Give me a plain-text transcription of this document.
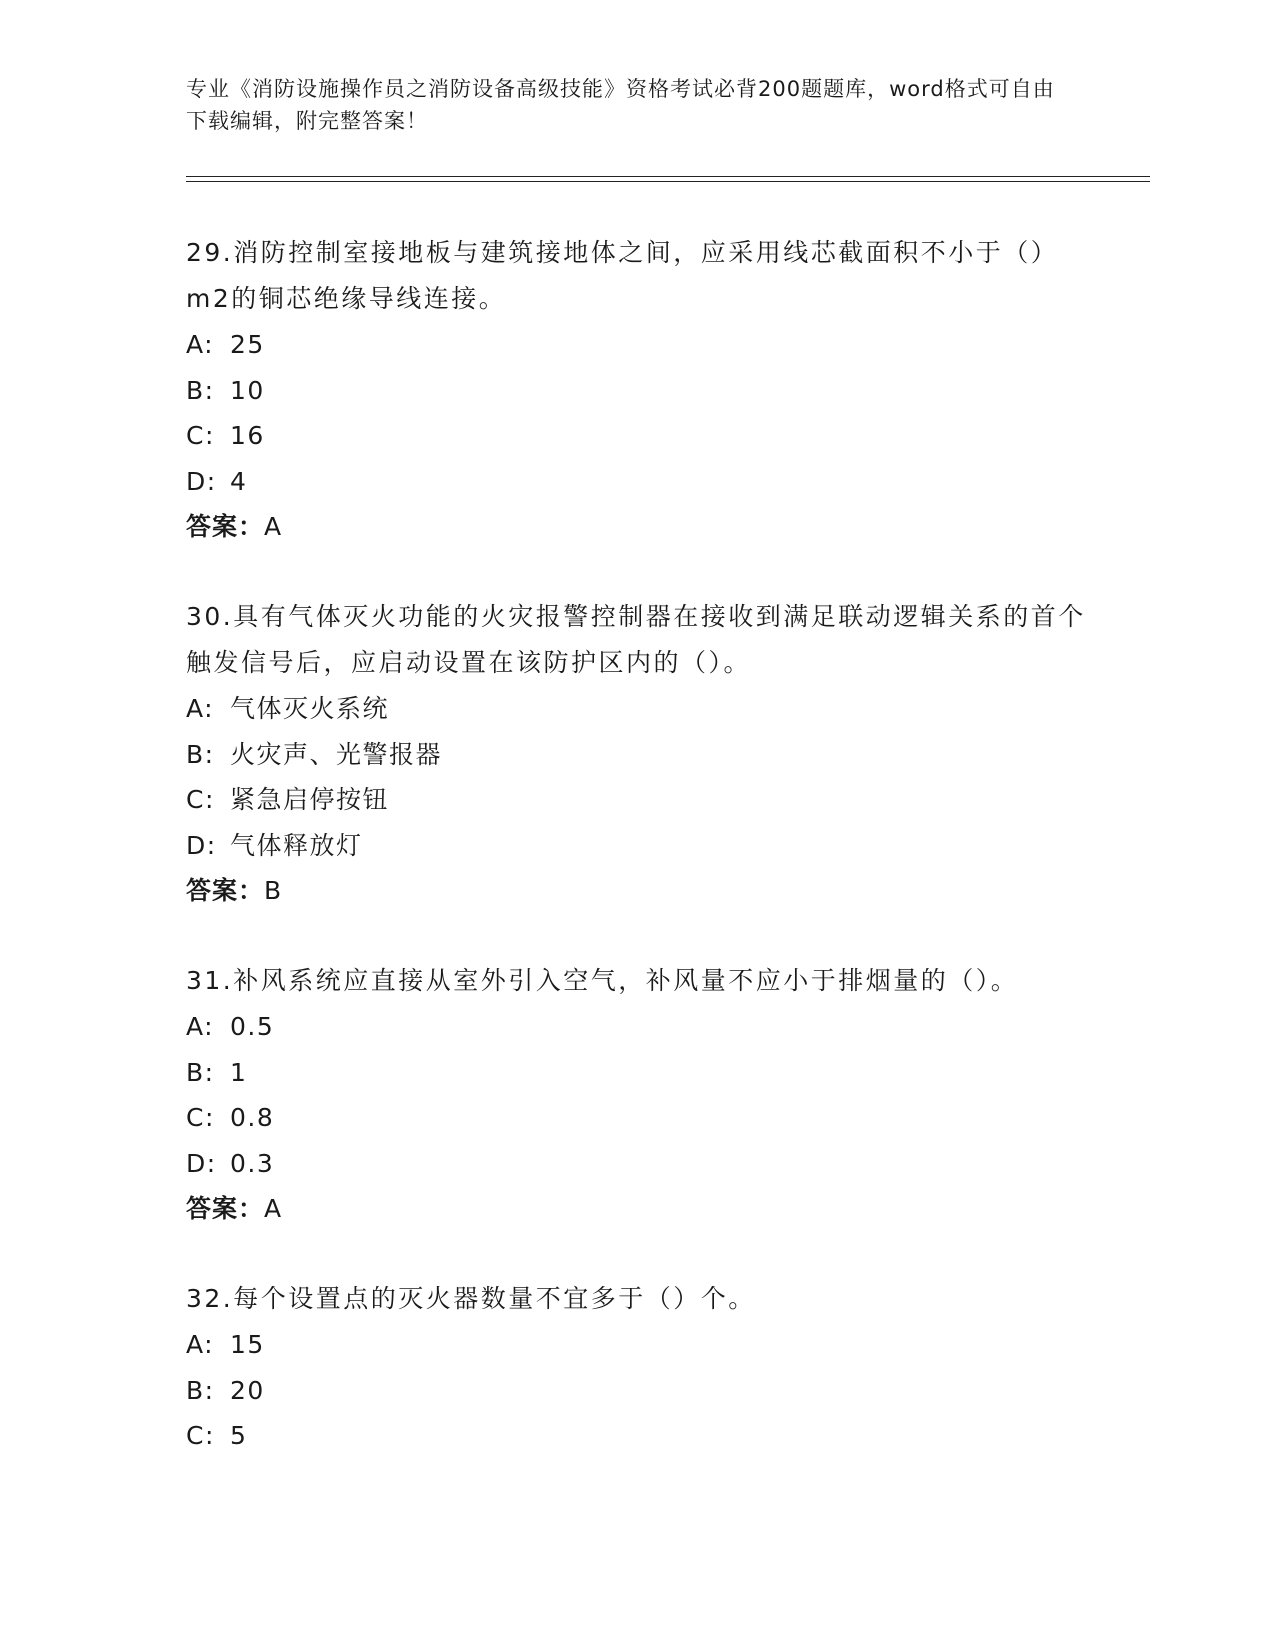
专业《消防设施操作员之消防设备高级技能》资格考试必背200题题库，word格式可自由下载编辑，附完整答案！

29.消防控制室接地板与建筑接地体之间，应采用线芯截面积不小于（）m2的铜芯绝缘导线连接。

A: 25
B: 10
C: 16
D: 4
答案：A

30.具有气体灭火功能的火灾报警控制器在接收到满足联动逻辑关系的首个触发信号后，应启动设置在该防护区内的（）。

A: 气体灭火系统
B: 火灾声、光警报器
C: 紧急启停按钮
D: 气体释放灯
答案：B

31.补风系统应直接从室外引入空气，补风量不应小于排烟量的（）。

A: 0.5
B: 1
C: 0.8
D: 0.3
答案：A

32.每个设置点的灭火器数量不宜多于（）个。

A: 15
B: 20
C: 5
